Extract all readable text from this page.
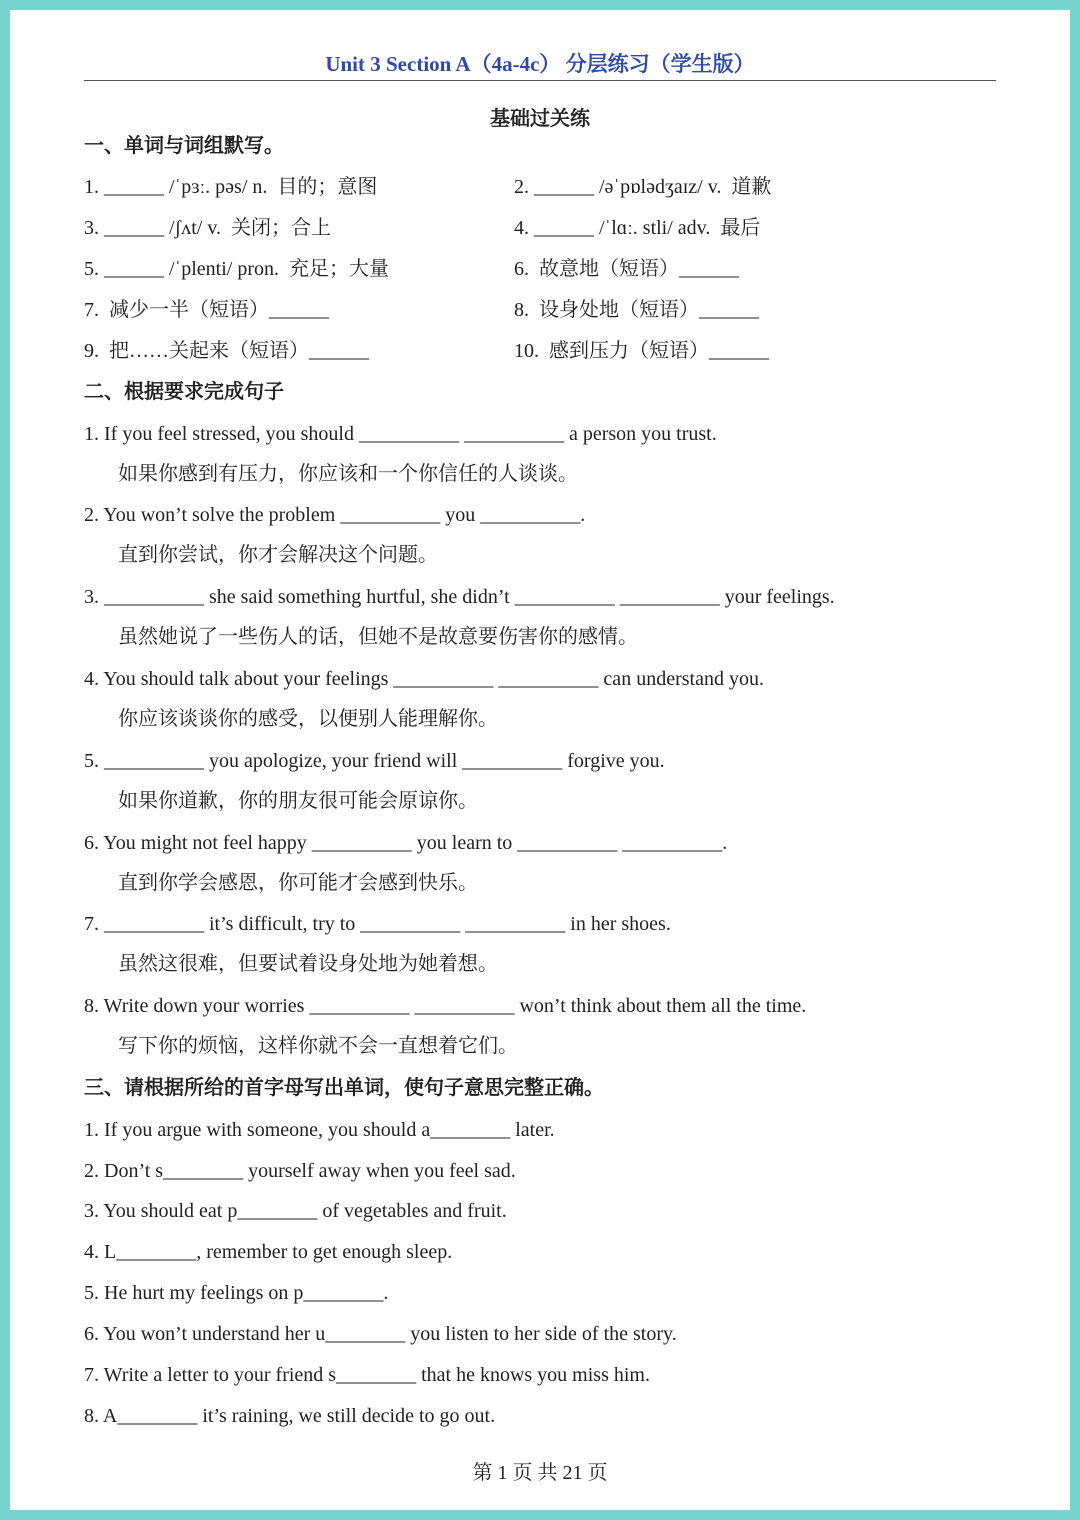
Unit 3 Section A（4a-4c） 分层练习（学生版）
基础过关练
一、单词与词组默写。
1. ______ /ˈpɜː. pəs/ n.  目的；意图	2. ______ /əˈpɒlədʒaɪz/ v.  道歉
3. ______ /ʃʌt/ v.  关闭；合上	4. ______ /ˈlɑː. stli/ adv.  最后
5. ______ /ˈplenti/ pron.  充足；大量	6.  故意地（短语）______
7.  减少一半（短语）______	8.  设身处地（短语）______
9.  把……关起来（短语）______	10.  感到压力（短语）______
二、根据要求完成句子
1. If you feel stressed, you should __________ __________ a person you trust.
如果你感到有压力，你应该和一个你信任的人谈谈。
2. You won’t solve the problem __________ you __________.
直到你尝试，你才会解决这个问题。
3. __________ she said something hurtful, she didn’t __________ __________ your feelings.
虽然她说了一些伤人的话，但她不是故意要伤害你的感情。
4. You should talk about your feelings __________ __________ can understand you.
你应该谈谈你的感受，以便别人能理解你。
5. __________ you apologize, your friend will __________ forgive you.
如果你道歉，你的朋友很可能会原谅你。
6. You might not feel happy __________ you learn to __________ __________.
直到你学会感恩，你可能才会感到快乐。
7. __________ it’s difficult, try to __________ __________ in her shoes.
虽然这很难，但要试着设身处地为她着想。
8. Write down your worries __________ __________ won’t think about them all the time.
写下你的烦恼，这样你就不会一直想着它们。
三、请根据所给的首字母写出单词，使句子意思完整正确。
1. If you argue with someone, you should a________ later.
2. Don’t s________ yourself away when you feel sad.
3. You should eat p________ of vegetables and fruit.
4. L________, remember to get enough sleep.
5. He hurt my feelings on p________.
6. You won’t understand her u________ you listen to her side of the story.
7. Write a letter to your friend s________ that he knows you miss him.
8. A________ it’s raining, we still decide to go out.
第 1 页 共 21 页
